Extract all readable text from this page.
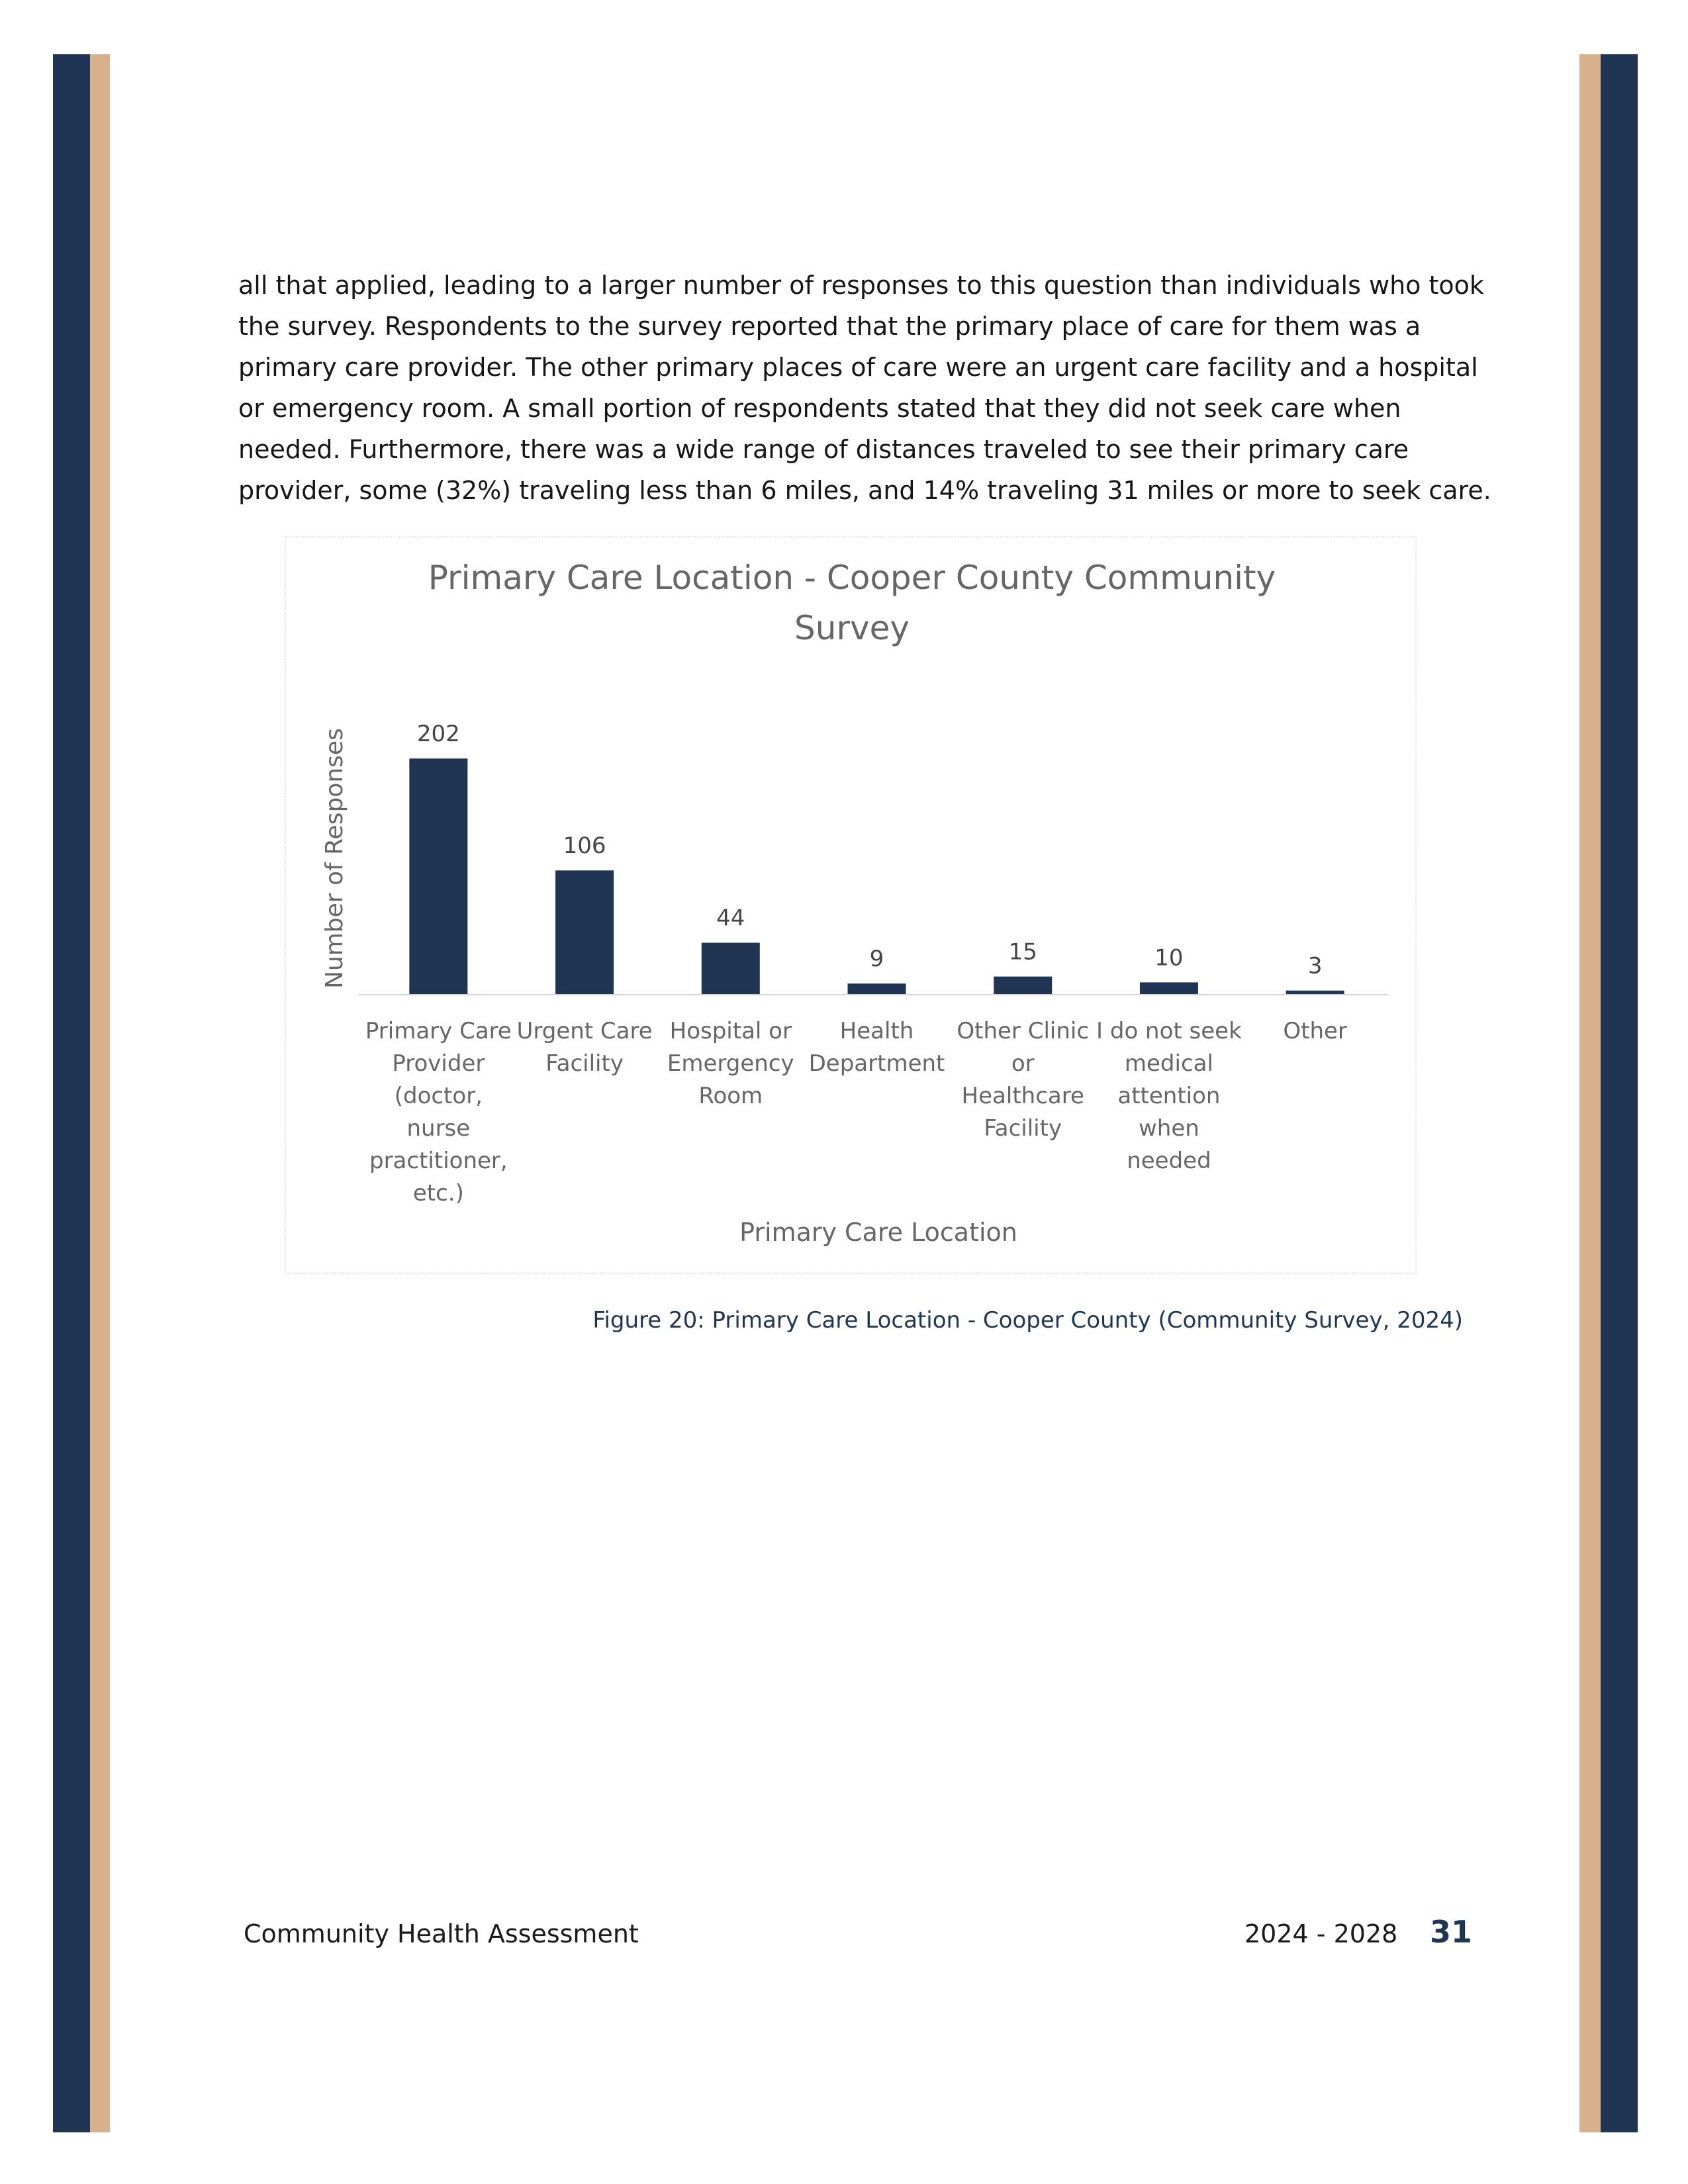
all that applied, leading to a larger number of responses to this question than individuals who took the survey. Respondents to the survey reported that the primary place of care for them was a primary care provider. The other primary places of care were an urgent care facility and a hospital or emergency room. A small portion of respondents stated that they did not seek care when needed. Furthermore, there was a wide range of distances traveled to see their primary care provider, some (32%) traveling less than 6 miles, and 14% traveling 31 miles or more to seek care.

Primary Care Location - Cooper County Community Survey
Number of Responses	202
Primary Care
Provider
(doctor,
nurse
practitioner,
etc.)
106
Urgent Care
Facility
44
Hospital or
Emergency
Room
9
Health
Department
15
Other Clinic
or
Healthcare
Facility
10
I do not seek
medical
attention
when
needed
3
Other
Primary Care Location
Figure 20: Primary Care Location - Cooper County (Community Survey, 2024)
Community Health Assessment	2024 - 2028 31
